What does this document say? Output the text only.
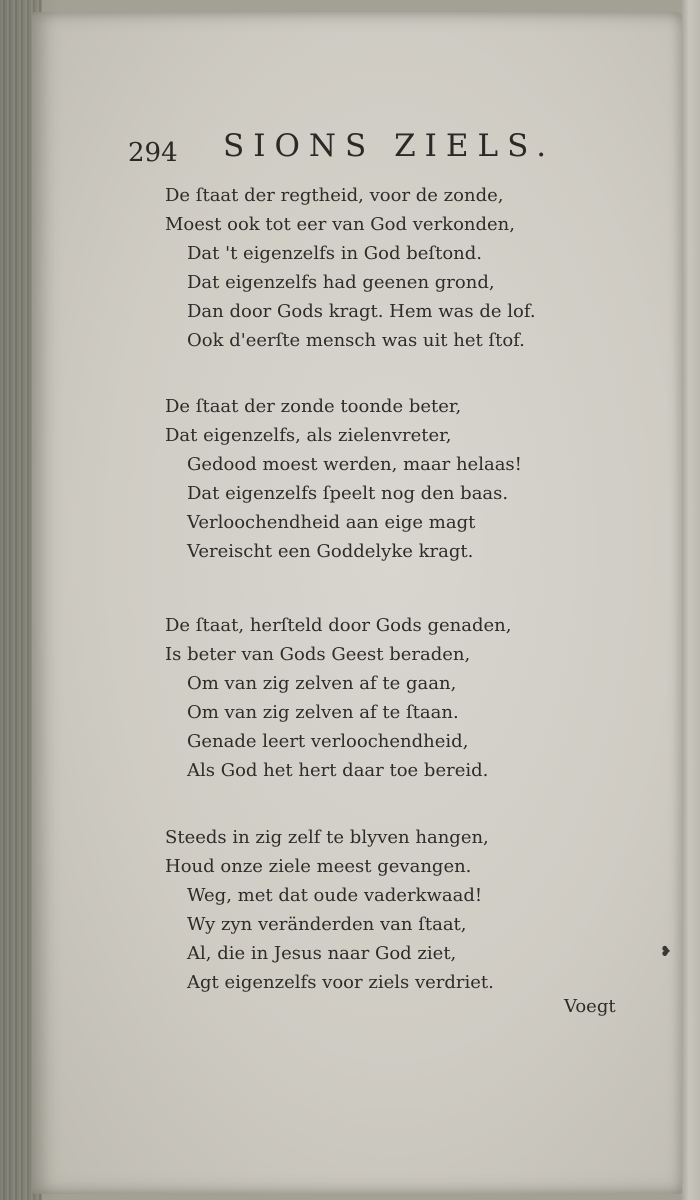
294 SIONS ZIELS.
De ſtaat der regtheid, voor de zonde,
Moest ook tot eer van God verkonden,
Dat 't eigenzelfs in God beſtond.
Dat eigenzelfs had geenen grond,
Dan door Gods kragt. Hem was de lof.
Ook d'eerſte mensch was uit het ſtof.
De ſtaat der zonde toonde beter,
Dat eigenzelfs, als zielenvreter,
Gedood moest werden, maar helaas!
Dat eigenzelfs ſpeelt nog den baas.
Verloochendheid aan eige magt
Vereischt een Goddelyke kragt.
De ſtaat, herſteld door Gods genaden,
Is beter van Gods Geest beraden,
Om van zig zelven af te gaan,
Om van zig zelven af te ſtaan.
Genade leert verloochendheid,
Als God het hert daar toe bereid.
Steeds in zig zelf te blyven hangen,
Houd onze ziele meest gevangen.
Weg, met dat oude vaderkwaad!
Wy zyn veränderden van ſtaat,
Al, die in Jesus naar God ziet,
Agt eigenzelfs voor ziels verdriet.
Voegt
❥
